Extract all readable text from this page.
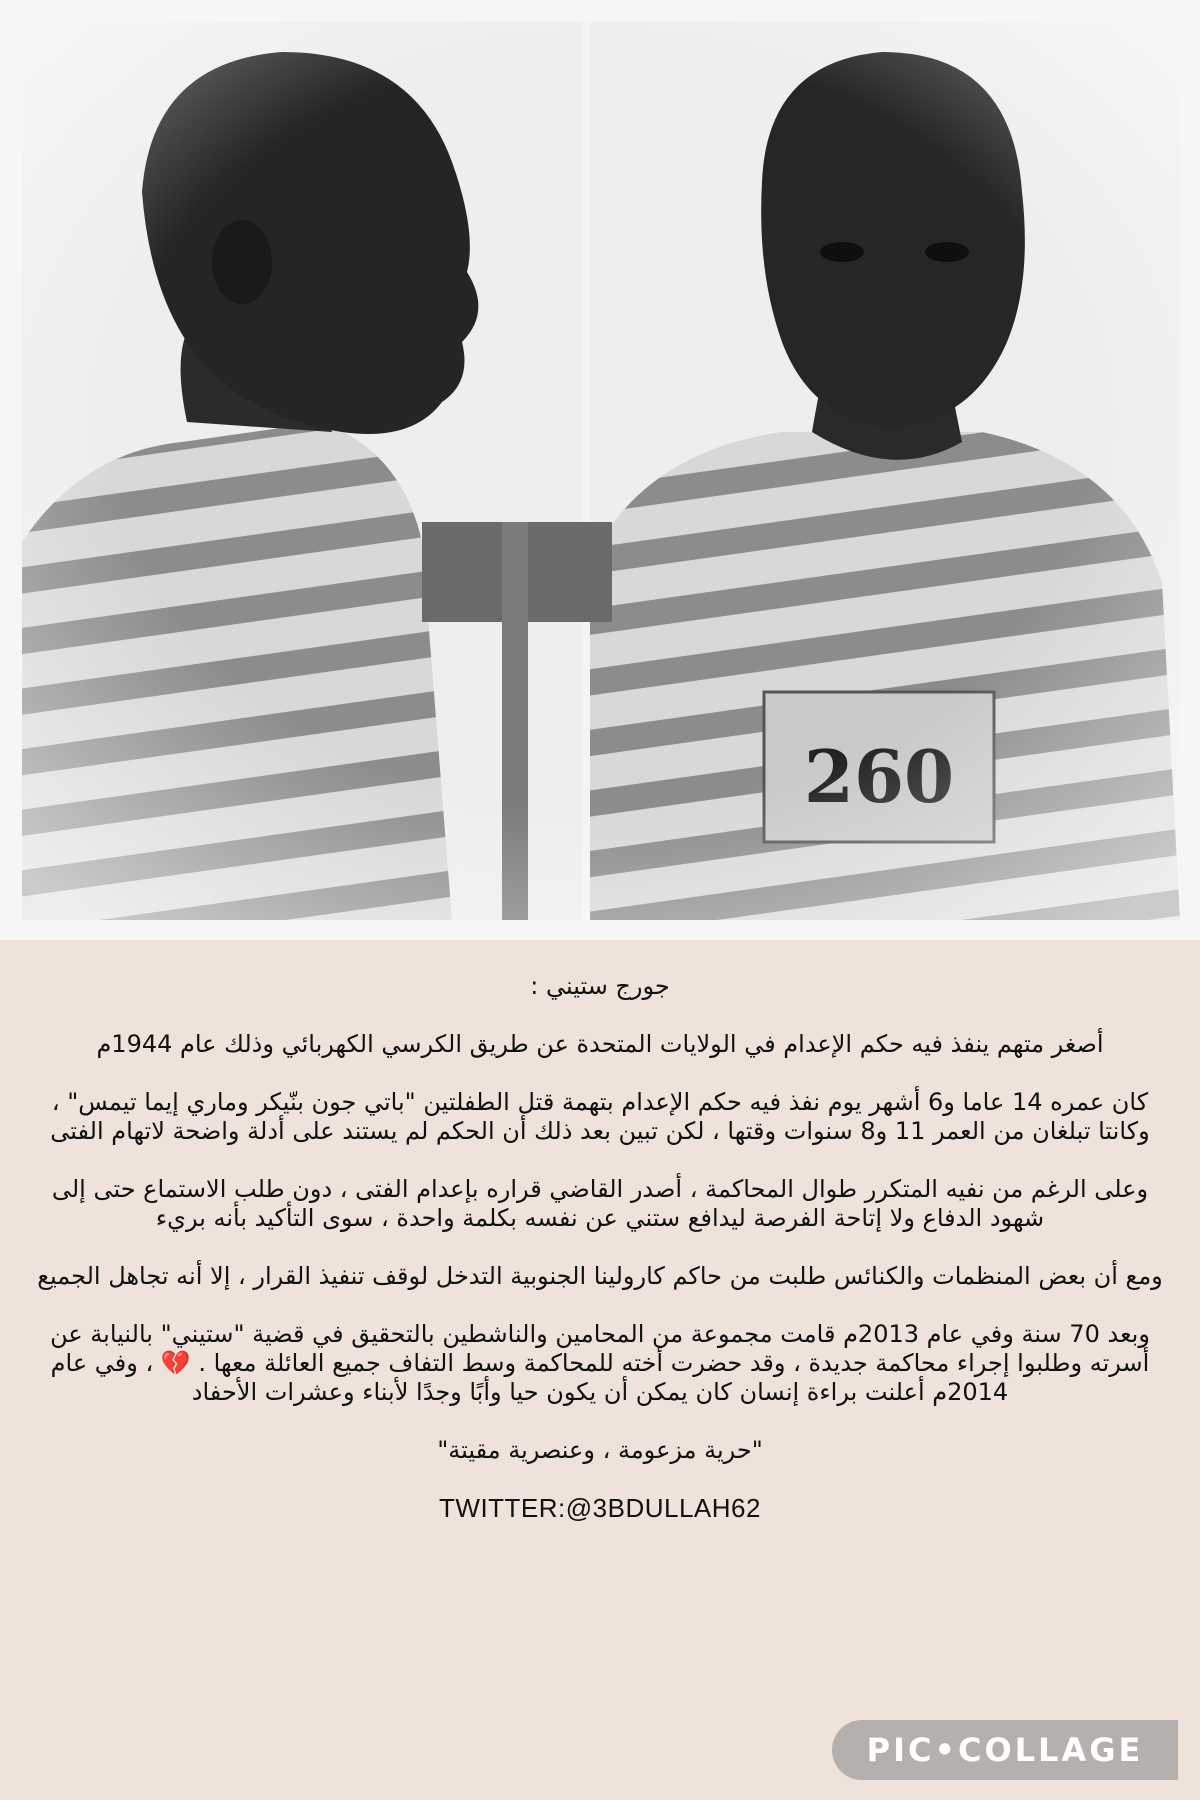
جورج ستيني :

أصغر متهم ينفذ فيه حكم الإعدام في الولايات المتحدة عن طريق الكرسي الكهربائي وذلك عام 1944م

كان عمره 14 عاما و6 أشهر يوم نفذ فيه حكم الإعدام بتهمة قتل الطفلتين "باتي جون بنّيكر وماري إيما تيمس" ، وكانتا تبلغان من العمر 11 و8 سنوات وقتها ، لكن تبين بعد ذلك أن الحكم لم يستند على أدلة واضحة لاتهام الفتى

وعلى الرغم من نفيه المتكرر طوال المحاكمة ، أصدر القاضي قراره بإعدام الفتى ، دون طلب الاستماع حتى إلى شهود الدفاع ولا إتاحة الفرصة ليدافع ستني عن نفسه بكلمة واحدة ، سوى التأكيد بأنه بريء

ومع أن بعض المنظمات والكنائس طلبت من حاكم كارولينا الجنوبية التدخل لوقف تنفيذ القرار ، إلا أنه تجاهل الجميع

وبعد 70 سنة وفي عام 2013م قامت مجموعة من المحامين والناشطين بالتحقيق في قضية "ستيني" بالنيابة عن أسرته وطلبوا إجراء محاكمة جديدة ، وقد حضرت أخته للمحاكمة وسط التفاف جميع العائلة معها . 💔 ، وفي عام 2014م أعلنت براءة إنسان كان يمكن أن يكون حيا وأبًا وجدًا لأبناء وعشرات الأحفاد

"حرية مزعومة ، وعنصرية مقيتة"

TWITTER:@3BDULLAH62
PIC•COLLAGE
